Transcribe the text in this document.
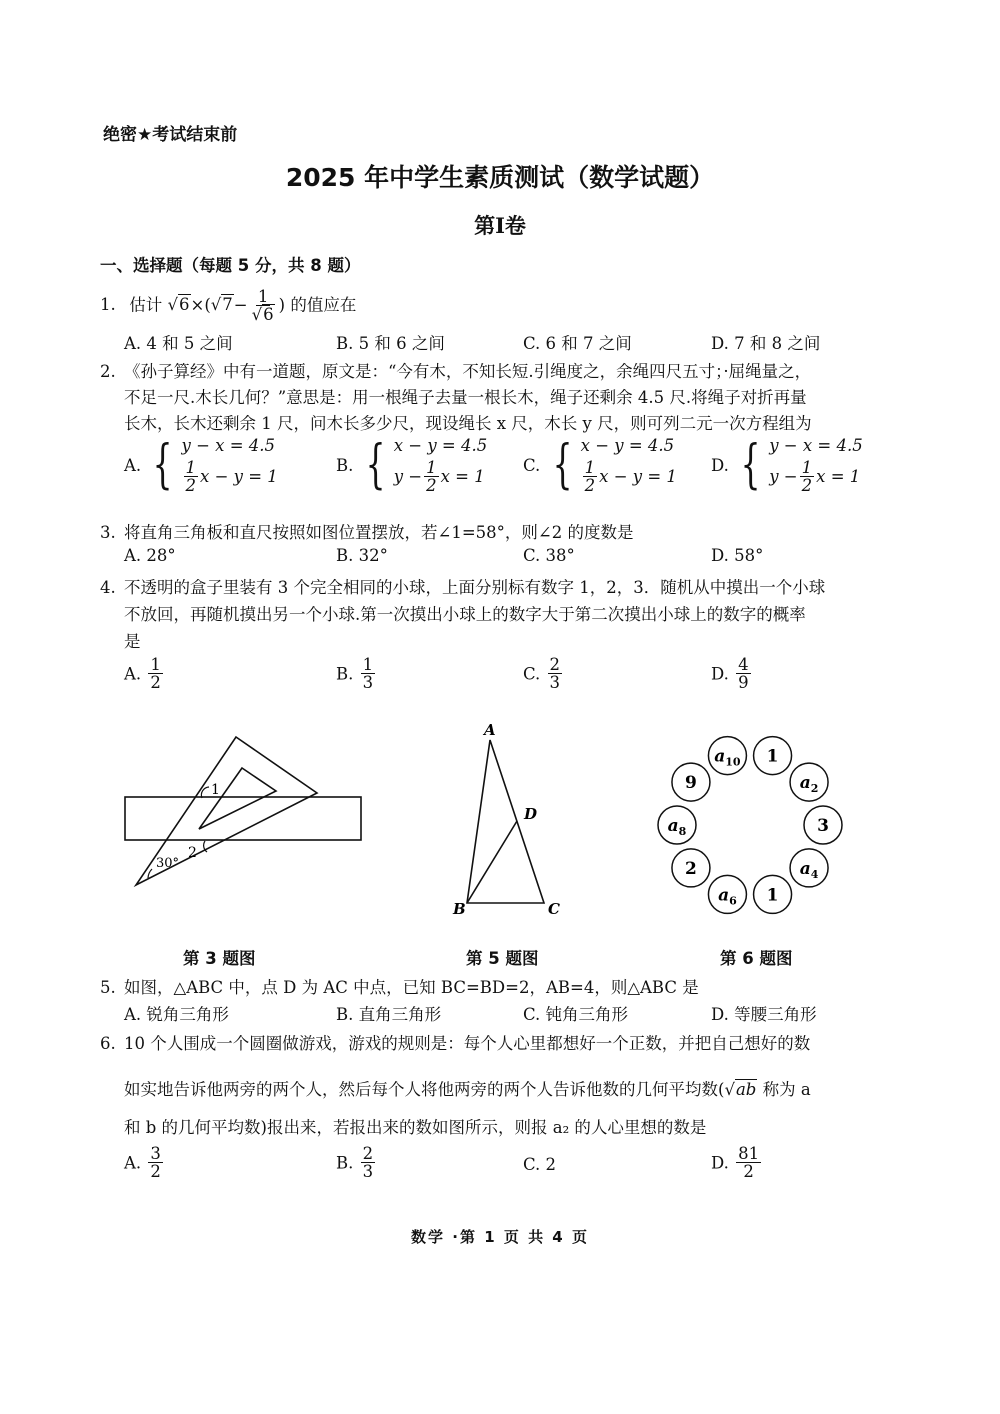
绝密★考试结束前
2025 年中学生素质测试（数学试题）
第Ⅰ卷
一、选择题（每题 5 分，共 8 题）
1. 估计 $√6\times(√7- \frac{1}{√6}$ ) 的值应在
A. 4 和 5 之间	B. 5 和 6 之间	C. 6 和 7 之间	D. 7 和 8 之间
2. 《孙子算经》中有一道题，原文是：“今有木，不知长短.引绳度之，余绳四尺五寸；·屈绳量之，
不足一尺.木长几何？”意思是：用一根绳子去量一根长木，绳子还剩余 4.5 尺.将绳子对折再量
长木，长木还剩余 1 尺，问木长多少尺，现设绳长 x 尺，木长 y 尺，则可列二元一次方程组为
A. { y − x = 4.5
$\frac{1}{2}$ x − y = 1
B. { x − y = 4.5
$y - \frac{1}{2}$ x = 1
C. { x − y = 4.5
$\frac{1}{2}$ x − y = 1
D. { y − x = 4.5
$y - \frac{1}{2}$ x = 1
3. 将直角三角板和直尺按照如图位置摆放，若∠1=58°，则∠2 的度数是
A. 28°	B. 32°	C. 38°	D. 58°
4. 不透明的盒子里装有 3 个完全相同的小球，上面分别标有数字 1，2，3．随机从中摸出一个小球
不放回，再随机摸出另一个小球.第一次摸出小球上的数字大于第二次摸出小球上的数字的概率
是
A. $\frac{1}{2}$	B. $\frac{1}{3}$	C. $\frac{2}{3}$	D. $\frac{4}{9}$
1
2
30°
A
B	C
D
$a_{10}$ 1
$a_2$
3
$a_4$
1
$a_6$
2
$a_8$
9
第 3 题图	第 5 题图	第 6 题图
5. 如图，△ABC 中，点 D 为 AC 中点，已知 BC=BD=2，AB=4，则△ABC 是
A. 锐角三角形	B. 直角三角形	C. 钝角三角形	D. 等腰三角形
6. 10 个人围成一个圆圈做游戏，游戏的规则是：每个人心里都想好一个正数，并把自己想好的数
如实地告诉他两旁的两个人，然后每个人将他两旁的两个人告诉他数的几何平均数(√ab 称为 a
和 b 的几何平均数)报出来，若报出来的数如图所示，则报 a₂ 的人心里想的数是
A. $\frac{3}{2}$	B. $\frac{2}{3}$	C. 2	D. $\frac{81}{2}$
数学 ·第 1 页 共 4 页
